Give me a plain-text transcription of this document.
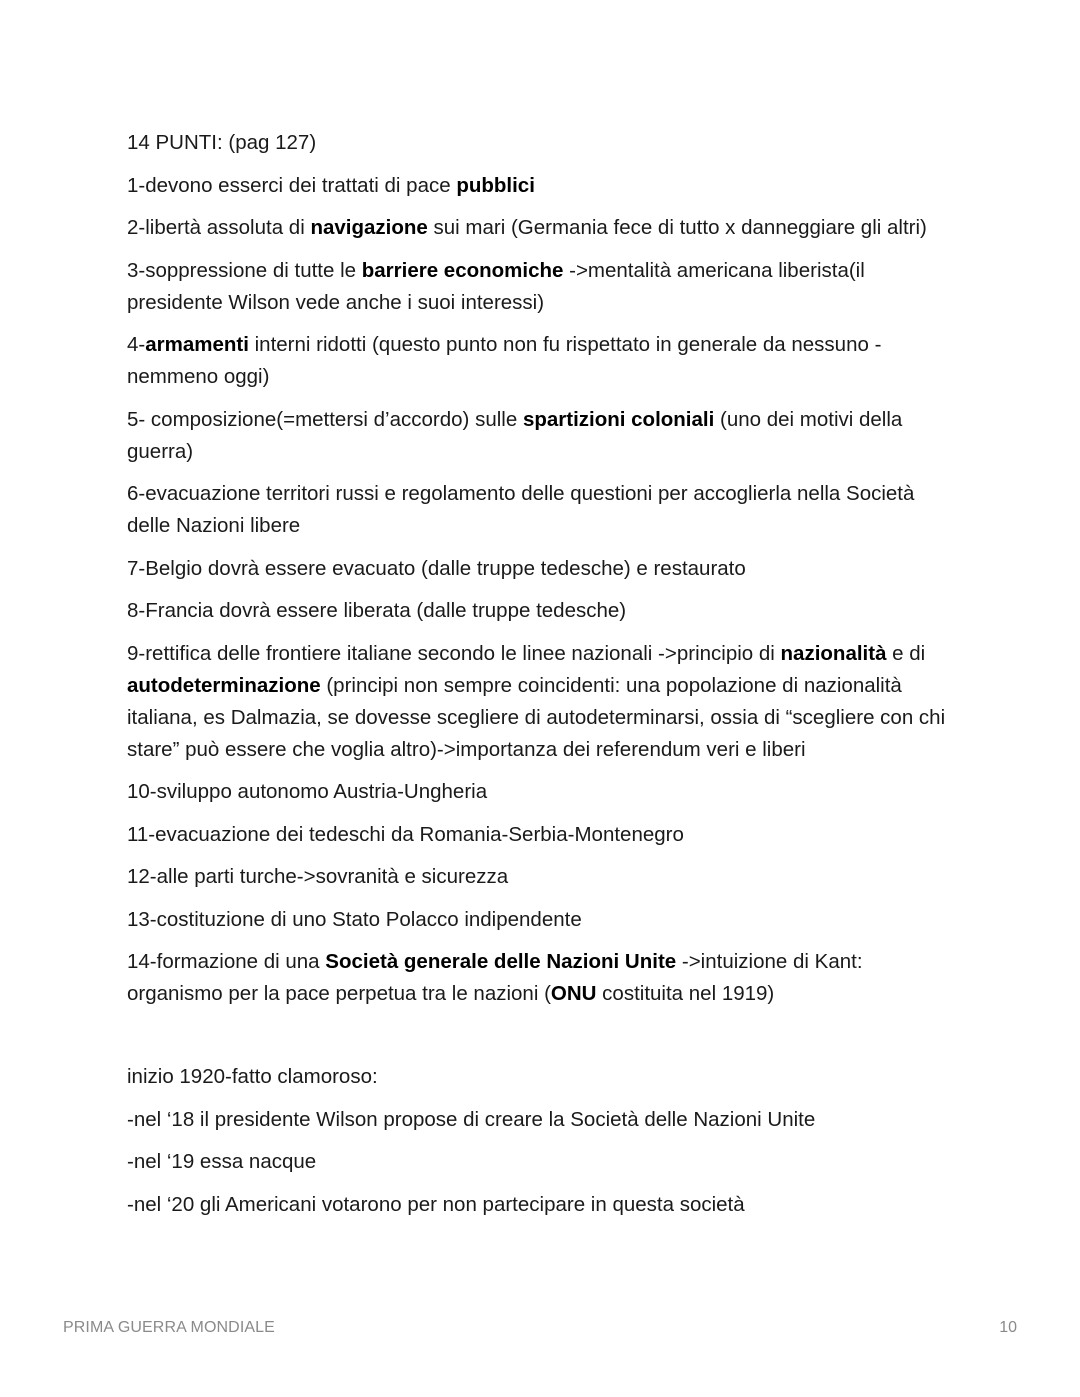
14 PUNTI: (pag 127)

1-devono esserci dei trattati di pace pubblici

2-libertà assoluta di navigazione sui mari (Germania fece di tutto x danneggiare gli altri)

3-soppressione di tutte le barriere economiche ->mentalità americana liberista(il presidente Wilson vede anche i suoi interessi)

4-armamenti interni ridotti (questo punto non fu rispettato in generale da nessuno - nemmeno oggi)

5- composizione(=mettersi d’accordo) sulle spartizioni coloniali (uno dei motivi della guerra)

6-evacuazione territori russi e regolamento delle questioni per accoglierla nella Società delle Nazioni libere

7-Belgio dovrà essere evacuato (dalle truppe tedesche) e restaurato

8-Francia dovrà essere liberata (dalle truppe tedesche)

9-rettifica delle frontiere italiane secondo le linee nazionali ->principio di nazionalità e di autodeterminazione (principi non sempre coincidenti: una popolazione di nazionalità italiana, es Dalmazia, se dovesse scegliere di autodeterminarsi, ossia di “scegliere con chi stare” può essere che voglia altro)->importanza dei referendum veri e liberi

10-sviluppo autonomo Austria-Ungheria

11-evacuazione dei tedeschi da Romania-Serbia-Montenegro

12-alle parti turche->sovranità e sicurezza

13-costituzione di uno Stato Polacco indipendente

14-formazione di una Società generale delle Nazioni Unite ->intuizione di Kant: organismo per la pace perpetua tra le nazioni (ONU costituita nel 1919)

inizio 1920-fatto clamoroso:

-nel ‘18 il presidente Wilson propose di creare la Società delle Nazioni Unite

-nel ‘19 essa nacque

-nel ‘20 gli Americani votarono per non partecipare in questa società

PRIMA GUERRA MONDIALE	10
